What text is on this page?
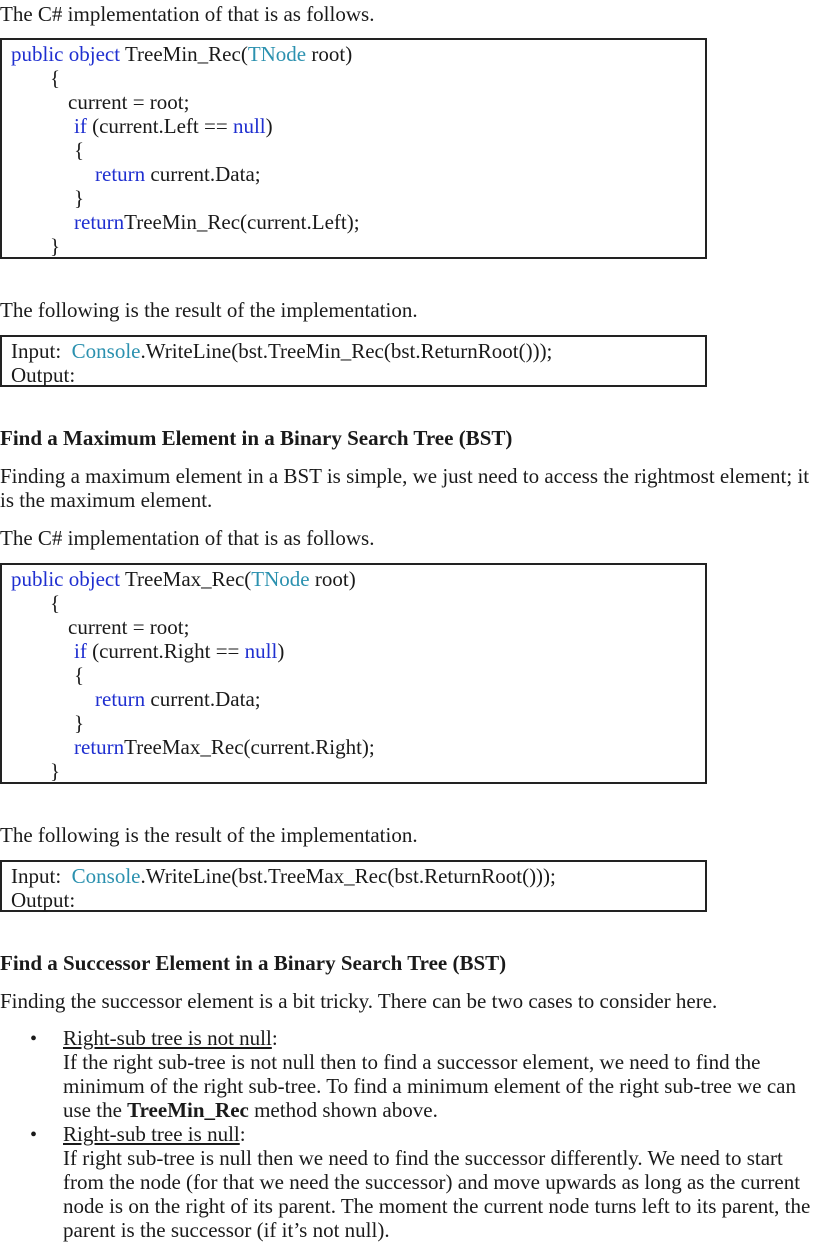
The C# implementation of that is as follows.
public object TreeMin_Rec(TNode root)
{
current = root;
if (current.Left == null)
{
return current.Data;
}
returnTreeMin_Rec(current.Left);
}
The following is the result of the implementation.
Input: Console.WriteLine(bst.TreeMin_Rec(bst.ReturnRoot()));
Output:
Find a Maximum Element in a Binary Search Tree (BST)
Finding a maximum element in a BST is simple, we just need to access the rightmost element; it
is the maximum element.
The C# implementation of that is as follows.
public object TreeMax_Rec(TNode root)
{
current = root;
if (current.Right == null)
{
return current.Data;
}
returnTreeMax_Rec(current.Right);
}
The following is the result of the implementation.
Input: Console.WriteLine(bst.TreeMax_Rec(bst.ReturnRoot()));
Output:
Find a Successor Element in a Binary Search Tree (BST)
Finding the successor element is a bit tricky. There can be two cases to consider here.
• Right-sub tree is not null:
If the right sub-tree is not null then to find a successor element, we need to find the
minimum of the right sub-tree. To find a minimum element of the right sub-tree we can
use the TreeMin_Rec method shown above.
• Right-sub tree is null:
If right sub-tree is null then we need to find the successor differently. We need to start
from the node (for that we need the successor) and move upwards as long as the current
node is on the right of its parent. The moment the current node turns left to its parent, the
parent is the successor (if it’s not null).
